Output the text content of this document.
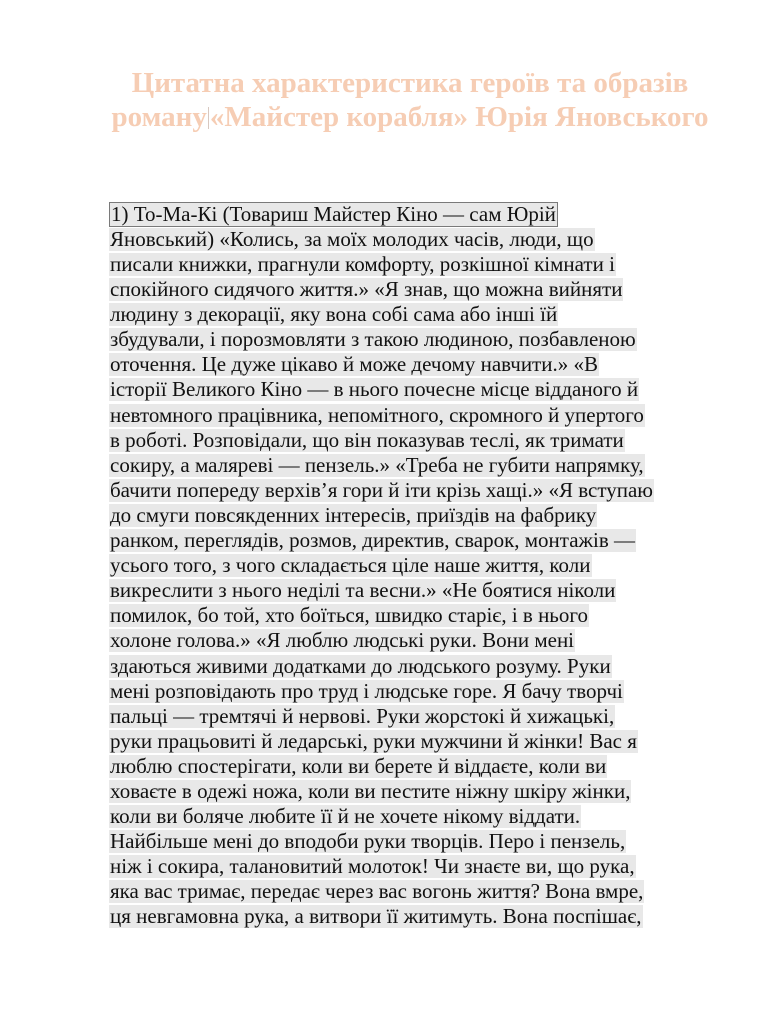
Цитатна характеристика героїв та образів роману «Майстер корабля» Юрія Яновського
1) То-Ма-Кі (Товариш Майстер Кіно — сам Юрій
Яновський) «Колись, за моїх молодих часів, люди, що
писали книжки, прагнули комфорту, розкішної кімнати і
спокійного сидячого життя.» «Я знав, що можна вийняти
людину з декорації, яку вона собі сама або інші їй
збудували, і порозмовляти з такою людиною, позбавленою
оточення. Це дуже цікаво й може дечому навчити.» «В
історії Великого Кіно — в нього почесне місце відданого й
невтомного працівника, непомітного, скромного й упертого
в роботі. Розповідали, що він показував теслі, як тримати
сокиру, а маляреві — пензель.» «Треба не губити напрямку,
бачити попереду верхів’я гори й іти крізь хащі.» «Я вступаю
до смуги повсякденних інтересів, приїздів на фабрику
ранком, переглядів, розмов, директив, сварок, монтажів —
усього того, з чого складається ціле наше життя, коли
викреслити з нього неділі та весни.» «Не боятися ніколи
помилок, бо той, хто боїться, швидко старіє, і в нього
холоне голова.» «Я люблю людські руки. Вони мені
здаються живими додатками до людського розуму. Руки
мені розповідають про труд і людське горе. Я бачу творчі
пальці — тремтячі й нервові. Руки жорстокі й хижацькі,
руки працьовиті й ледарські, руки мужчини й жінки! Вас я
люблю спостерігати, коли ви берете й віддаєте, коли ви
ховаєте в одежі ножа, коли ви пестите ніжну шкіру жінки,
коли ви боляче любите її й не хочете нікому віддати.
Найбільше мені до вподоби руки творців. Перо і пензель,
ніж і сокира, талановитий молоток! Чи знаєте ви, що рука,
яка вас тримає, передає через вас вогонь життя? Вона вмре,
ця невгамовна рука, а витвори її житимуть. Вона поспішає,
